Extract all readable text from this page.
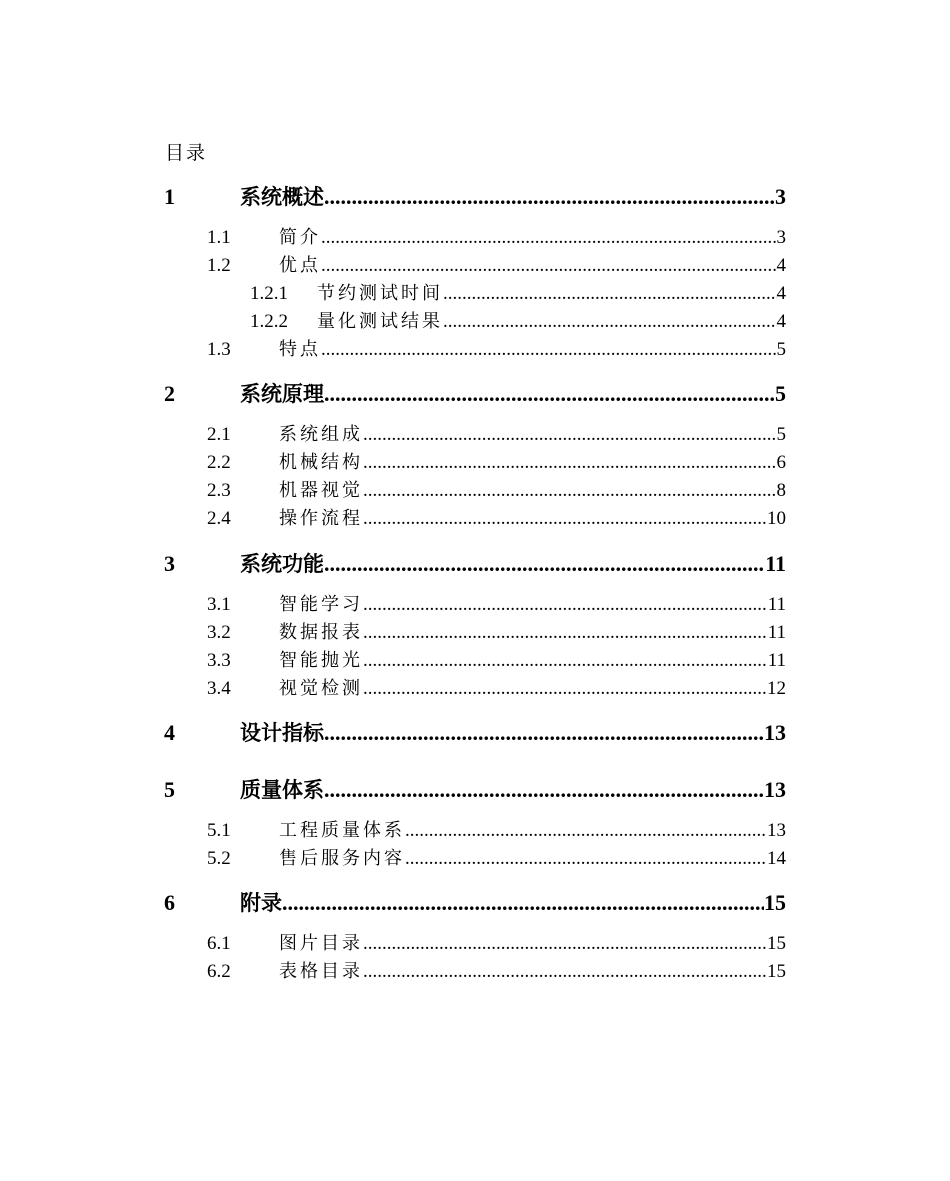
目录
1	系统概述 .....	3
1.1	简介 .....	3
1.2	优点 .....	4
1.2.1	节约测试时间 .....	4
1.2.2	量化测试结果 .....	4
1.3	特点 .....	5
2	系统原理 .....	5
2.1	系统组成 .....	5
2.2	机械结构 .....	6
2.3	机器视觉 .....	8
2.4	操作流程 .....	10
3	系统功能 .....	11
3.1	智能学习 .....	11
3.2	数据报表 .....	11
3.3	智能抛光 .....	11
3.4	视觉检测 .....	12
4	设计指标 .....	13
5	质量体系 .....	13
5.1	工程质量体系 .....	13
5.2	售后服务内容 .....	14
6	附录 .....	15
6.1	图片目录 .....	15
6.2	表格目录 .....	15
